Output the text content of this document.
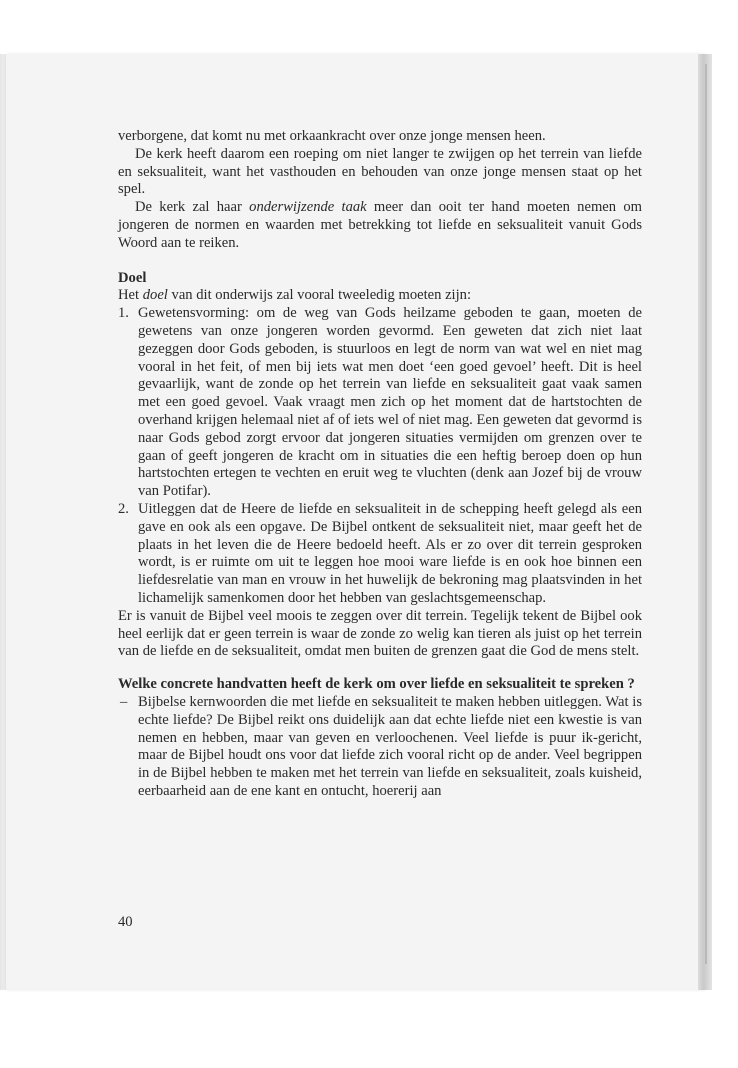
verborgene, dat komt nu met orkaankracht over onze jonge mensen heen.

De kerk heeft daarom een roeping om niet langer te zwijgen op het terrein van liefde en seksualiteit, want het vasthouden en behouden van onze jonge mensen staat op het spel.

De kerk zal haar onderwijzende taak meer dan ooit ter hand moeten nemen om jongeren de normen en waarden met betrekking tot liefde en seksualiteit vanuit Gods Woord aan te reiken.

Doel

Het doel van dit onderwijs zal vooral tweeledig moeten zijn:

1. Gewetensvorming: om de weg van Gods heilzame geboden te gaan, moeten de gewetens van onze jongeren worden gevormd. Een geweten dat zich niet laat gezeggen door Gods geboden, is stuurloos en legt de norm van wat wel en niet mag vooral in het feit, of men bij iets wat men doet ‘een goed gevoel’ heeft. Dit is heel gevaarlijk, want de zonde op het terrein van liefde en seksualiteit gaat vaak samen met een goed gevoel. Vaak vraagt men zich op het moment dat de hartstochten de overhand krijgen helemaal niet af of iets wel of niet mag. Een geweten dat gevormd is naar Gods gebod zorgt ervoor dat jongeren situaties vermijden om grenzen over te gaan of geeft jongeren de kracht om in situaties die een heftig beroep doen op hun hartstochten ertegen te vechten en eruit weg te vluchten (denk aan Jozef bij de vrouw van Potifar).
2. Uitleggen dat de Heere de liefde en seksualiteit in de schepping heeft gelegd als een gave en ook als een opgave. De Bijbel ontkent de seksualiteit niet, maar geeft het de plaats in het leven die de Heere bedoeld heeft. Als er zo over dit terrein gesproken wordt, is er ruimte om uit te leggen hoe mooi ware liefde is en ook hoe binnen een liefdesrelatie van man en vrouw in het huwelijk de bekroning mag plaatsvinden in het lichamelijk samenkomen door het hebben van geslachtsgemeenschap.

Er is vanuit de Bijbel veel moois te zeggen over dit terrein. Tegelijk tekent de Bijbel ook heel eerlijk dat er geen terrein is waar de zonde zo welig kan tieren als juist op het terrein van de liefde en de seksualiteit, omdat men buiten de grenzen gaat die God de mens stelt.

Welke concrete handvatten heeft de kerk om over liefde en seksualiteit te spreken ?
– Bijbelse kernwoorden die met liefde en seksualiteit te maken hebben uitleggen. Wat is echte liefde? De Bijbel reikt ons duidelijk aan dat echte liefde niet een kwestie is van nemen en hebben, maar van geven en verloochenen. Veel liefde is puur ik-gericht, maar de Bijbel houdt ons voor dat liefde zich vooral richt op de ander. Veel begrippen in de Bijbel hebben te maken met het terrein van liefde en seksualiteit, zoals kuisheid, eerbaarheid aan de ene kant en ontucht, hoererij aan
40
